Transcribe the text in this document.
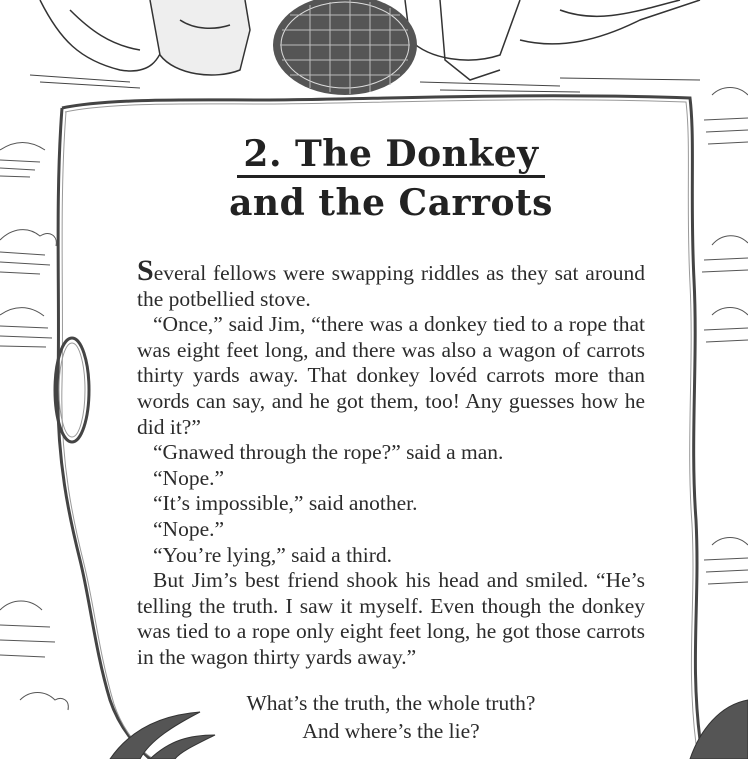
2. The Donkey
and the Carrots

Several fellows were swapping riddles as they sat around the potbellied stove.

“Once,” said Jim, “there was a donkey tied to a rope that was eight feet long, and there was also a wagon of carrots thirty yards away. That donkey lovéd carrots more than words can say, and he got them, too! Any guesses how he did it?”

“Gnawed through the rope?” said a man.

“Nope.”

“It’s impossible,” said another.

“Nope.”

“You’re lying,” said a third.

But Jim’s best friend shook his head and smiled. “He’s telling the truth. I saw it myself. Even though the donkey was tied to a rope only eight feet long, he got those carrots in the wagon thirty yards away.”

What’s the truth, the whole truth?
And where’s the lie?
